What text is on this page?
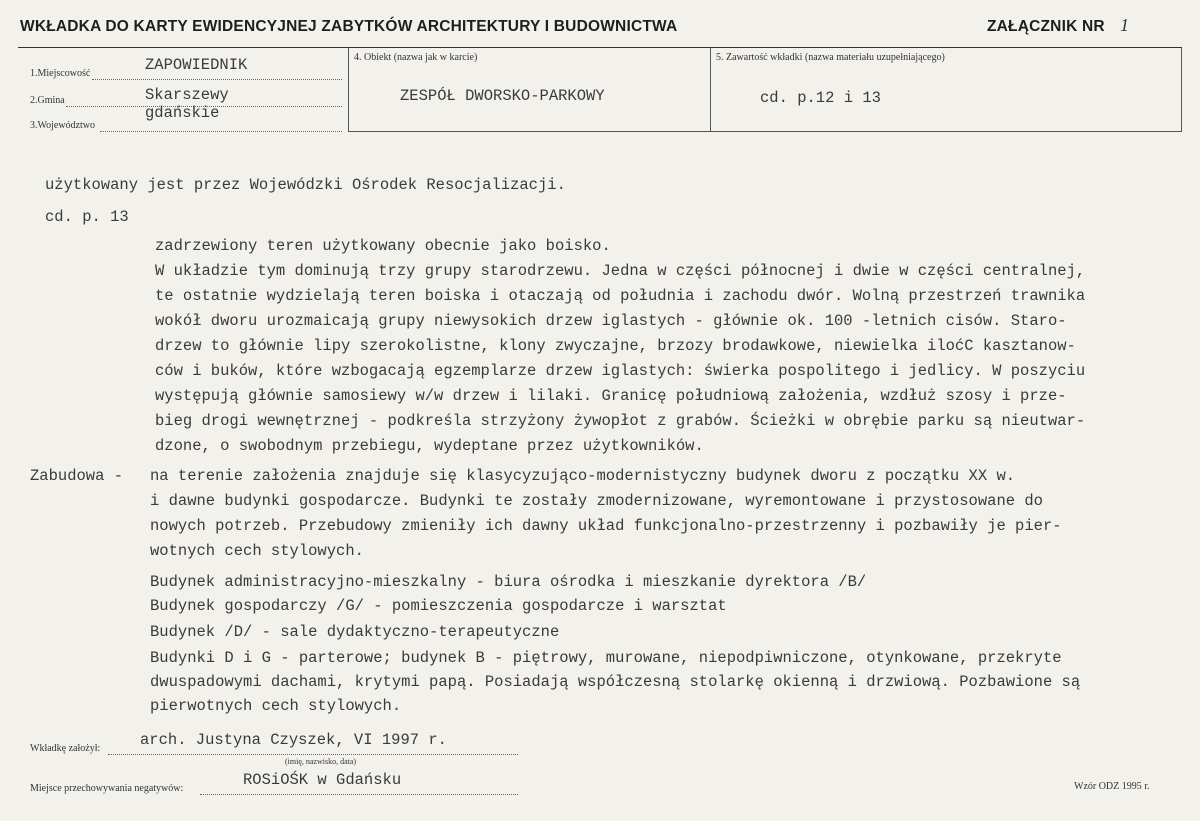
WKŁADKA DO KARTY EWIDENCYJNEJ ZABYTKÓW ARCHITEKTURY I BUDOWNICTWA	ZAŁĄCZNIK NR 1
1.Miejscowość	ZAPOWIEDNIK
2.Gmina	Skarszewy
3.Województwo
gdańskie
4. Obiekt (nazwa jak w karcie)
ZESPÓŁ DWORSKO-PARKOWY
5. Zawartość wkładki (nazwa materiału uzupełniającego)
cd. p.12 i 13
użytkowany jest przez Wojewódzki Ośrodek Resocjalizacji.
cd. p. 13
zadrzewiony teren użytkowany obecnie jako boisko.
W układzie tym dominują trzy grupy starodrzewu. Jedna w części północnej i dwie w części centralnej,
te ostatnie wydzielają teren boiska i otaczają od południa i zachodu dwór. Wolną przestrzeń trawnika
wokół dworu urozmaicają grupy niewysokich drzew iglastych - głównie ok. 100 -letnich cisów. Staro-
drzew to głównie lipy szerokolistne, klony zwyczajne, brzozy brodawkowe, niewielka iloćC kasztanow-
ców i buków, które wzbogacają egzemplarze drzew iglastych: świerka pospolitego i jedlicy. W poszyciu
występują głównie samosiewy w/w drzew i lilaki. Granicę południową założenia, wzdłuż szosy i prze-
bieg drogi wewnętrznej - podkreśla strzyżony żywopłot z grabów. Ścieżki w obrębie parku są nieutwar-
dzone, o swobodnym przebiegu, wydeptane przez użytkowników.
Zabudowa - na terenie założenia znajduje się klasycyzująco-modernistyczny budynek dworu z początku XX w.
i dawne budynki gospodarcze. Budynki te zostały zmodernizowane, wyremontowane i przystosowane do
nowych potrzeb. Przebudowy zmieniły ich dawny układ funkcjonalno-przestrzenny i pozbawiły je pier-
wotnych cech stylowych.
Budynek administracyjno-mieszkalny - biura ośrodka i mieszkanie dyrektora /B/
Budynek gospodarczy /G/ - pomieszczenia gospodarcze i warsztat
Budynek /D/ - sale dydaktyczno-terapeutyczne
Budynki D i G - parterowe; budynek B - piętrowy, murowane, niepodpiwniczone, otynkowane, przekryte
dwuspadowymi dachami, krytymi papą. Posiadają współczesną stolarkę okienną i drzwiową. Pozbawione są
pierwotnych cech stylowych.
Wkładkę założył:	arch. Justyna Czyszek, VI 1997 r.
(imię, nazwisko, data)
Miejsce przechowywania negatywów:	ROSiOŚK w Gdańsku	Wzór ODZ 1995 r.
